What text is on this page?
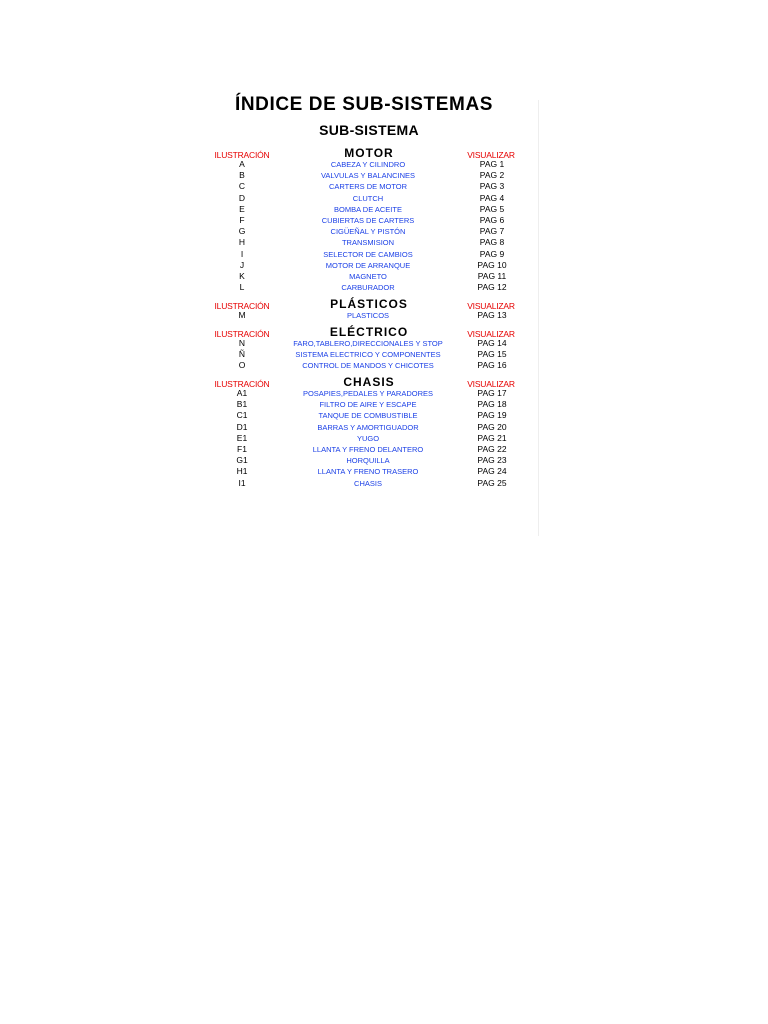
ÍNDICE DE SUB-SISTEMAS
SUB-SISTEMA
ILUSTRACIÓN	MOTOR	VISUALIZAR
A	CABEZA Y CILINDRO	PAG 1
B	VALVULAS Y BALANCINES	PAG 2
C	CARTERS DE MOTOR	PAG 3
D	CLUTCH	PAG 4
E	BOMBA DE ACEITE	PAG 5
F	CUBIERTAS DE CARTERS	PAG 6
G	CIGÜEÑAL Y PISTÓN	PAG 7
H	TRANSMISION	PAG 8
I	SELECTOR DE CAMBIOS	PAG 9
J	MOTOR DE ARRANQUE	PAG 10
K	MAGNETO	PAG 11
L	CARBURADOR	PAG 12
ILUSTRACIÓN	PLÁSTICOS	VISUALIZAR
M	PLASTICOS	PAG 13
ILUSTRACIÓN	ELÉCTRICO	VISUALIZAR
N	FARO,TABLERO,DIRECCIONALES Y STOP	PAG 14
Ñ	SISTEMA ELECTRICO Y COMPONENTES	PAG 15
O	CONTROL DE MANDOS Y CHICOTES	PAG 16
ILUSTRACIÓN	CHASIS	VISUALIZAR
A1	POSAPIES,PEDALES Y PARADORES	PAG 17
B1	FILTRO DE AIRE Y ESCAPE	PAG 18
C1	TANQUE DE COMBUSTIBLE	PAG 19
D1	BARRAS Y AMORTIGUADOR	PAG 20
E1	YUGO	PAG 21
F1	LLANTA Y FRENO DELANTERO	PAG 22
G1	HORQUILLA	PAG 23
H1	LLANTA Y FRENO TRASERO	PAG 24
I1	CHASIS	PAG 25
